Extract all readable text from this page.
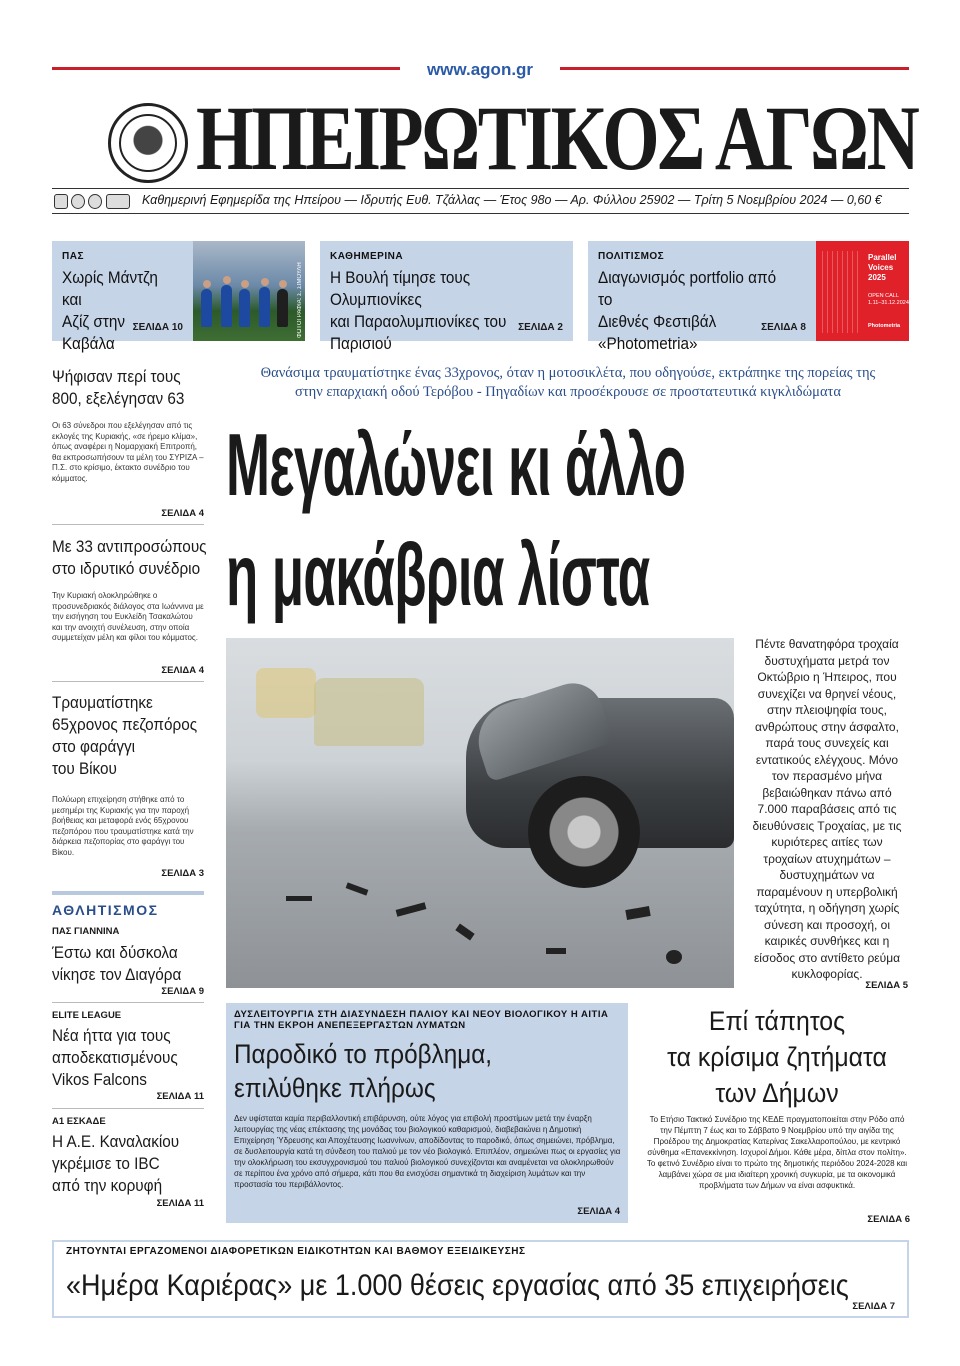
www.agon.gr
ΗΠΕΙΡΩΤΙΚΟΣ ΑΓΩΝ
Καθημερινή Εφημερίδα της Ηπείρου — Ιδρυτής Ευθ. Τζάλλας — Έτος 98ο — Αρ. Φύλλου 25902 — Τρίτη 5 Νοεμβρίου 2024 — 0,60 €
ΠΑΣ
Χωρίς Μάντζη και
Αζίζ στην Καβάλα
ΣΕΛΙΔΑ 10	ΦΩΤΟΓΡΑΦΙΑ: Σ. ΣΙΜΟΥΛΗ
ΚΑΘΗΜΕΡΙΝΑ
Η Βουλή τίμησε τους Ολυμπιονίκες
και Παραολυμπιονίκες του Παρισιού
ΣΕΛΙΔΑ 2
ΠΟΛΙΤΙΣΜΟΣ
Διαγωνισμός portfolio από το
Διεθνές Φεστιβάλ «Photometria»
ΣΕΛΙΔΑ 8
Parallel
Voices
2025
OPEN CALL
1.11–31.12.2024
Photometria
Ψήφισαν περί τους
800, εξελέγησαν 63
Οι 63 σύνεδροι που εξελέγησαν από τις εκλογές της Κυριακής, «σε ήρεμο κλίμα», όπως αναφέρει η Νομαρχιακή Επιτροπή, θα εκπροσωπήσουν τα μέλη του ΣΥΡΙΖΑ – Π.Σ. στο κρίσιμο, έκτακτο συνέδριο του κόμματος.
ΣΕΛΙΔΑ 4
Με 33 αντιπροσώπους
στο ιδρυτικό συνέδριο
Την Κυριακή ολοκληρώθηκε ο προσυνεδριακός διάλογος στα Ιωάννινα με την εισήγηση του Ευκλείδη Τσακαλώτου και την ανοιχτή συνέλευση, στην οποία συμμετείχαν μέλη και φίλοι του κόμματος.
ΣΕΛΙΔΑ 4
Τραυματίστηκε
65χρονος πεζοπόρος
στο φαράγγι
του Βίκου
Πολύωρη επιχείρηση στήθηκε από το μεσημέρι της Κυριακής για την παροχή βοήθειας και μεταφορά ενός 65χρονου πεζοπόρου που τραυματίστηκε κατά την διάρκεια πεζοπορίας στο φαράγγι του Βίκου.
ΣΕΛΙΔΑ 3
ΑΘΛΗΤΙΣΜΟΣ
ΠΑΣ ΓΙΑΝΝΙΝΑ
Έστω και δύσκολα
νίκησε τον Διαγόρα
ΣΕΛΙΔΑ 9
ELITE LEAGUE
Νέα ήττα για τους
αποδεκατισμένους
Vikos Falcons
ΣΕΛΙΔΑ 11
A1 ΕΣΚΑΔΕ
Η Α.Ε. Καναλακίου
γκρέμισε το IBC
από την κορυφή
ΣΕΛΙΔΑ 11
Θανάσιμα τραυματίστηκε ένας 33χρονος, όταν η μοτοσικλέτα, που οδηγούσε, εκτράπηκε της πορείας της
στην επαρχιακή οδού Τερόβου - Πηγαδίων και προσέκρουσε σε προστατευτικά κιγκλιδώματα
Μεγαλώνει κι άλλο
η μακάβρια λίστα
Πέντε θανατηφόρα τροχαία δυστυχήματα μετρά τον Οκτώβριο η Ήπειρος, που συνεχίζει να θρηνεί νέους, στην πλειοψηφία τους, ανθρώπους στην άσφαλτο, παρά τους συνεχείς και εντατικούς ελέγχους. Μόνο τον περασμένο μήνα βεβαιώθηκαν πάνω από 7.000 παραβάσεις από τις διευθύνσεις Τροχαίας, με τις κυριότερες αιτίες των τροχαίων ατυχημάτων – δυστυχημάτων να παραμένουν η υπερβολική ταχύτητα, η οδήγηση χωρίς σύνεση και προσοχή, οι καιρικές συνθήκες και η είσοδος στο αντίθετο ρεύμα κυκλοφορίας.
ΣΕΛΙΔΑ 5
ΔΥΣΛΕΙΤΟΥΡΓΙΑ ΣΤΗ ΔΙΑΣΥΝΔΕΣΗ ΠΑΛΙΟΥ ΚΑΙ ΝΕΟΥ ΒΙΟΛΟΓΙΚΟΥ Η ΑΙΤΙΑ ΓΙΑ ΤΗΝ ΕΚΡΟΗ ΑΝΕΠΕΞΕΡΓΑΣΤΩΝ ΛΥΜΑΤΩΝ
Παροδικό το πρόβλημα,
επιλύθηκε πλήρως
Δεν υφίσταται καμία περιβαλλοντική επιβάρυνση, ούτε λόγος για επιβολή προστίμων μετά την έναρξη λειτουργίας της νέας επέκτασης της μονάδας του βιολογικού καθαρισμού, διαβεβαιώνει η Δημοτική Επιχείρηση Ύδρευσης και Αποχέτευσης Ιωαννίνων, αποδίδοντας το παροδικό, όπως σημειώνει, πρόβλημα, σε δυσλειτουργία κατά τη σύνδεση του παλιού με τον νέο βιολογικό. Επιπλέον, σημειώνει πως οι εργασίες για την ολοκλήρωση του εκσυγχρονισμού του παλιού βιολογικού συνεχίζονται και αναμένεται να ολοκληρωθούν σε περίπου ένα χρόνο από σήμερα, κάτι που θα ενισχύσει σημαντικά τη διαχείριση λυμάτων και την προστασία του περιβάλλοντος.
ΣΕΛΙΔΑ 4
Επί τάπητος
τα κρίσιμα ζητήματα
των Δήμων
Το Ετήσιο Τακτικό Συνέδριο της ΚΕΔΕ πραγματοποιείται στην Ρόδο από την Πέμπτη 7 έως και το Σάββατο 9 Νοεμβρίου υπό την αιγίδα της Προέδρου της Δημοκρατίας Κατερίνας Σακελλαροπούλου, με κεντρικό σύνθημα «Επανεκκίνηση. Ισχυροί Δήμοι. Κάθε μέρα, δίπλα στον πολίτη». Το φετινό Συνέδριο είναι το πρώτο της δημοτικής περιόδου 2024-2028 και λαμβάνει χώρα σε μια ιδιαίτερη χρονική συγκυρία, με τα οικονομικά προβλήματα των Δήμων να είναι ασφυκτικά.
ΣΕΛΙΔΑ 6
ΖΗΤΟΥΝΤΑΙ ΕΡΓΑΖΟΜΕΝΟΙ ΔΙΑΦΟΡΕΤΙΚΩΝ ΕΙΔΙΚΟΤΗΤΩΝ ΚΑΙ ΒΑΘΜΟΥ ΕΞΕΙΔΙΚΕΥΣΗΣ
«Ημέρα Καριέρας» με 1.000 θέσεις εργασίας από 35 επιχειρήσεις
ΣΕΛΙΔΑ 7
